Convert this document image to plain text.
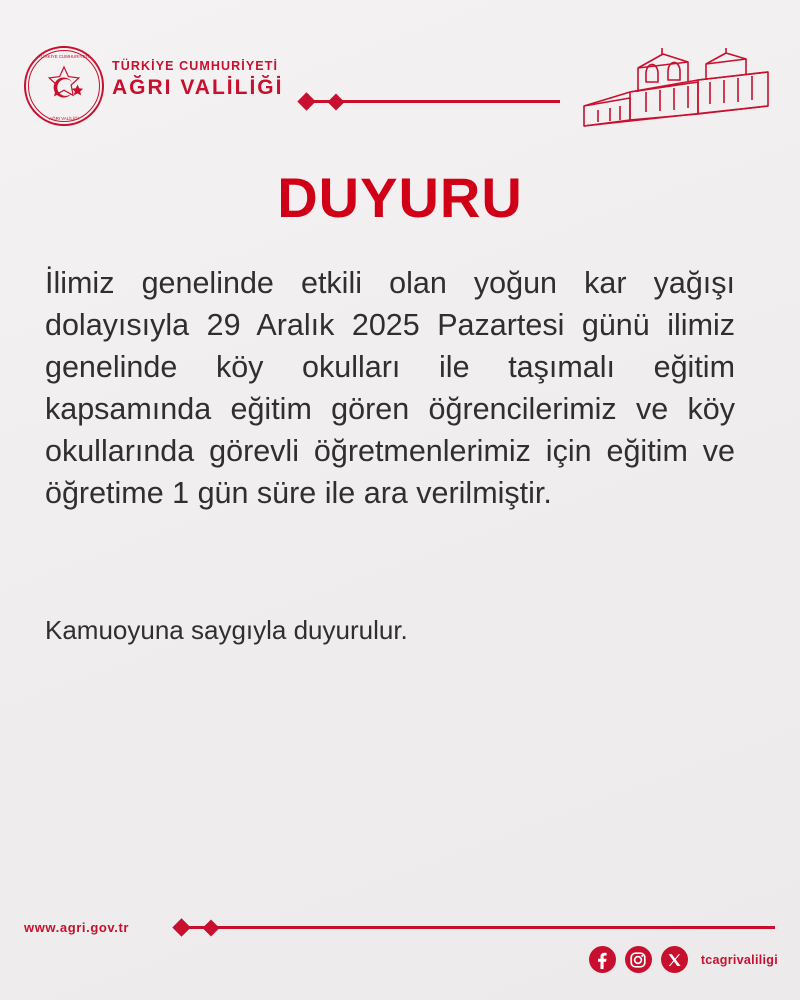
TÜRKİYE CUMHURİYETİ
AĞRI VALİLİĞİ
TÜRKİYE CUMHURİYETİ
AĞRI VALİLİĞİ
DUYURU

İlimiz genelinde etkili olan yoğun kar yağışı dolayısıyla 29 Aralık 2025 Pazartesi günü ilimiz genelinde köy okulları ile taşımalı eğitim kapsamında eğitim gören öğrencilerimiz ve köy okullarında görevli öğretmenlerimiz için eğitim ve öğretime 1 gün süre ile ara verilmiştir.

Kamuoyuna saygıyla duyurulur.
www.agri.gov.tr
tcagrivaliligi
